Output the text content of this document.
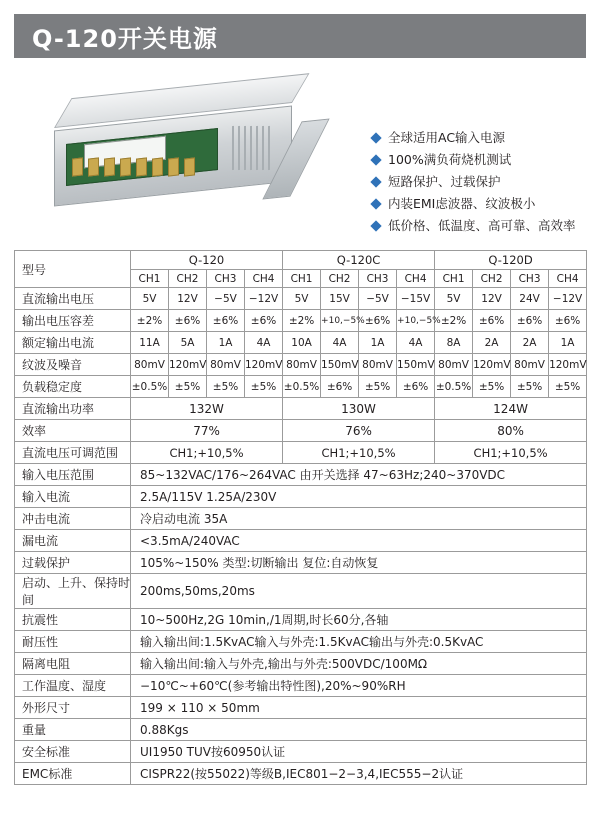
Q-120开关电源
全球适用AC输入电源
100%满负荷烧机测试
短路保护、过载保护
内装EMI虑波器、纹波极小
低价格、低温度、高可靠、高效率
型号	Q-120				Q-120C				Q-120D			
	CH1	CH2	CH3	CH4	CH1	CH2	CH3	CH4	CH1	CH2	CH3	CH4
直流输出电压	5V	12V	−5V	−12V	5V	15V	−5V	−15V	5V	12V	24V	−12V
输出电压容差	±2%	±6%	±6%	±6%	±2%	+10,−5%	±6%	+10,−5%	±2%	±6%	±6%	±6%
额定输出电流	11A	5A	1A	4A	10A	4A	1A	4A	8A	2A	2A	1A
纹波及噪音	80mV	120mV	80mV	120mV	80mV	150mV	80mV	150mV	80mV	120mV	80mV	120mV
负载稳定度	±0.5%	±5%	±5%	±5%	±0.5%	±6%	±5%	±6%	±0.5%	±5%	±5%	±5%
直流输出功率	132W				130W				124W			
效率	77%				76%				80%			
直流电压可调范围	CH1;+10,5%				CH1;+10,5%				CH1;+10,5%			
输入电压范围	85~132VAC/176~264VAC 由开关选择 47~63Hz;240~370VDC											
输入电流	2.5A/115V 1.25A/230V											
冲击电流	冷启动电流 35A											
漏电流	<3.5mA/240VAC											
过载保护	105%~150% 类型:切断输出 复位:自动恢复											
启动、上升、保持时间	200ms,50ms,20ms											
抗震性	10~500Hz,2G 10min,/1周期,时长60分,各轴											
耐压性	输入输出间:1.5KvAC输入与外壳:1.5KvAC输出与外壳:0.5KvAC											
隔离电阻	输入输出间:输入与外壳,输出与外壳:500VDC/100MΩ											
工作温度、湿度	−10℃~+60℃(参考输出特性图),20%~90%RH											
外形尺寸	199 × 110 × 50mm											
重量	0.88Kgs											
安全标准	UI1950 TUV按60950认证											
EMC标准	CISPR22(按55022)等级B,IEC801−2−3,4,IEC555−2认证											
